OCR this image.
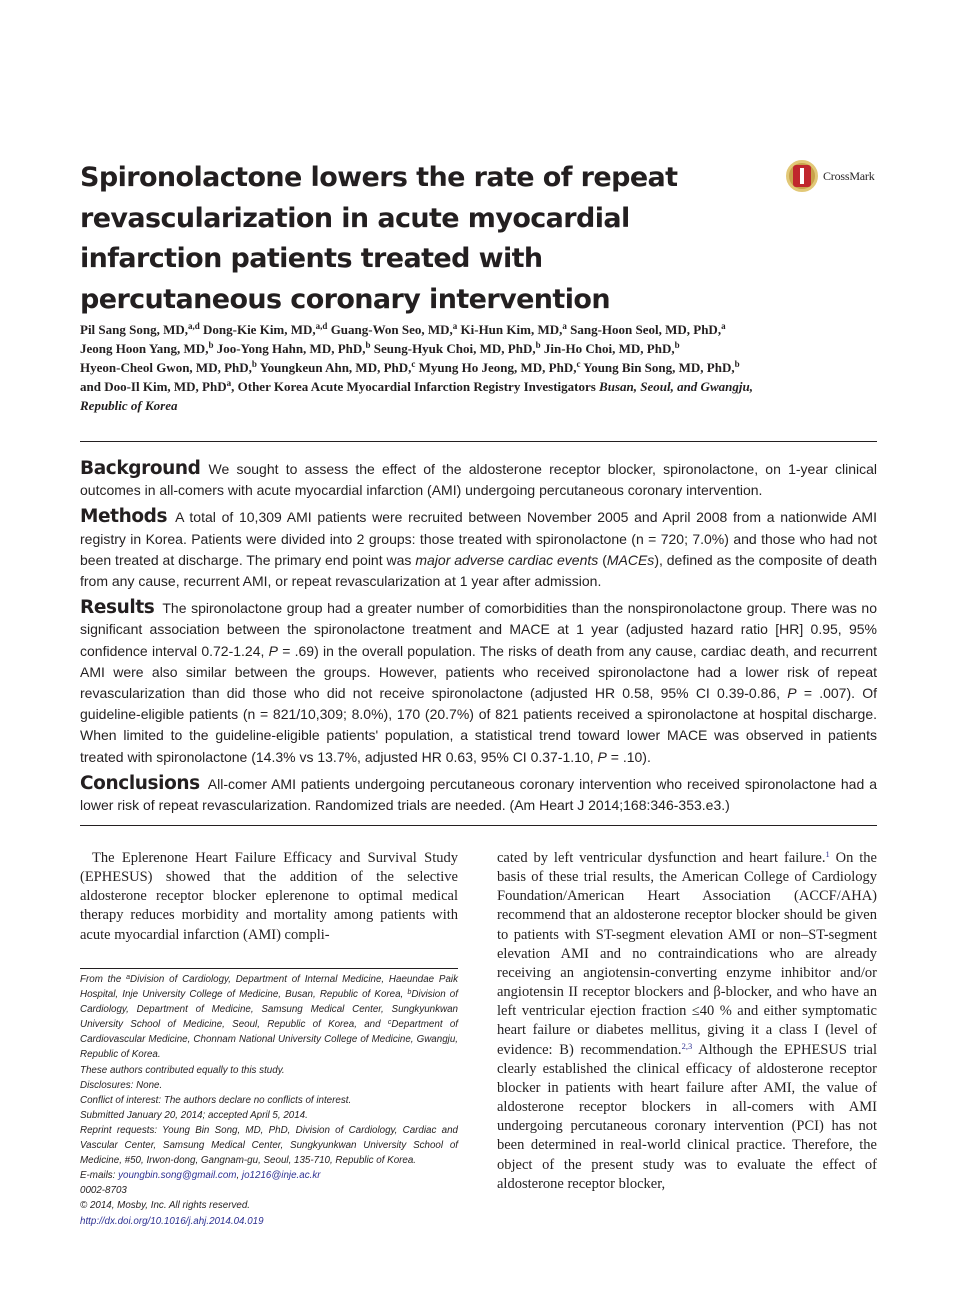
Spironolactone lowers the rate of repeat revascularization in acute myocardial infarction patients treated with percutaneous coronary intervention
CrossMark
Pil Sang Song, MD,$^{a,d}$ Dong-Kie Kim, MD,$^{a,d}$ Guang-Won Seo, MD,$^a$ Ki-Hun Kim, MD,$^a$ Sang-Hoon Seol, MD, PhD,$^a$
Jeong Hoon Yang, MD,$^b$ Joo-Yong Hahn, MD, PhD,$^b$ Seung-Hyuk Choi, MD, PhD,$^b$ Jin-Ho Choi, MD, PhD,$^b$
Hyeon-Cheol Gwon, MD, PhD,$^b$ Youngkeun Ahn, MD, PhD,$^c$ Myung Ho Jeong, MD, PhD,$^c$ Young Bin Song, MD, PhD,$^b$
and Doo-Il Kim, MD, PhD$^a$, Other Korea Acute Myocardial Infarction Registry Investigators Busan, Seoul, and Gwangju,
Republic of Korea

Background We sought to assess the effect of the aldosterone receptor blocker, spironolactone, on 1-year clinical outcomes in all-comers with acute myocardial infarction (AMI) undergoing percutaneous coronary intervention.

Methods A total of 10,309 AMI patients were recruited between November 2005 and April 2008 from a nationwide AMI registry in Korea. Patients were divided into 2 groups: those treated with spironolactone (n = 720; 7.0%) and those who had not been treated at discharge. The primary end point was major adverse cardiac events (MACEs), defined as the composite of death from any cause, recurrent AMI, or repeat revascularization at 1 year after admission.

Results The spironolactone group had a greater number of comorbidities than the nonspironolactone group. There was no significant association between the spironolactone treatment and MACE at 1 year (adjusted hazard ratio [HR] 0.95, 95% confidence interval 0.72-1.24, P = .69) in the overall population. The risks of death from any cause, cardiac death, and recurrent AMI were also similar between the groups. However, patients who received spironolactone had a lower risk of repeat revascularization than did those who did not receive spironolactone (adjusted HR 0.58, 95% CI 0.39-0.86, P = .007). Of guideline-eligible patients (n = 821/10,309; 8.0%), 170 (20.7%) of 821 patients received a spironolactone at hospital discharge. When limited to the guideline-eligible patients' population, a statistical trend toward lower MACE was observed in patients treated with spironolactone (14.3% vs 13.7%, adjusted HR 0.63, 95% CI 0.37-1.10, P = .10).

Conclusions All-comer AMI patients undergoing percutaneous coronary intervention who received spironolactone had a lower risk of repeat revascularization. Randomized trials are needed. (Am Heart J 2014;168:346-353.e3.)

The Eplerenone Heart Failure Efficacy and Survival Study (EPHESUS) showed that the addition of the selective aldosterone receptor blocker eplerenone to optimal medical therapy reduces morbidity and mortality among patients with acute myocardial infarction (AMI) compli-
cated by left ventricular dysfunction and heart failure.$^1$ On the basis of these trial results, the American College of Cardiology Foundation/American Heart Association (ACCF/AHA) recommend that an aldosterone receptor blocker should be given to patients with ST-segment elevation AMI or non–ST-segment elevation AMI and no contraindications who are already receiving an angiotensin-converting enzyme inhibitor and/or angiotensin II receptor blockers and β-blocker, and who have an left ventricular ejection fraction ≤40 % and either symptomatic heart failure or diabetes mellitus, giving it a class I (level of evidence: B) recommendation.$^{2,3}$ Although the EPHESUS trial clearly established the clinical efficacy of aldosterone receptor blocker in patients with heart failure after AMI, the value of aldosterone receptor blockers in all-comers with AMI undergoing percutaneous coronary intervention (PCI) has not been determined in real-world clinical practice. Therefore, the object of the present study was to evaluate the effect of aldosterone receptor blocker,

From the $^a$Division of Cardiology, Department of Internal Medicine, Haeundae Paik Hospital, Inje University College of Medicine, Busan, Republic of Korea, $^b$Division of Cardiology, Department of Medicine, Samsung Medical Center, Sungkyunkwan University School of Medicine, Seoul, Republic of Korea, and $^c$Department of Cardiovascular Medicine, Chonnam National University College of Medicine, Gwangju, Republic of Korea.

These authors contributed equally to this study.

Disclosures: None.

Conflict of interest: The authors declare no conflicts of interest.

Submitted January 20, 2014; accepted April 5, 2014.

Reprint requests: Young Bin Song, MD, PhD, Division of Cardiology, Cardiac and Vascular Center, Samsung Medical Center, Sungkyunkwan University School of Medicine, #50, Irwon-dong, Gangnam-gu, Seoul, 135-710, Republic of Korea.

E-mails: youngbin.song@gmail.com, jo1216@inje.ac.kr

0002-8703

© 2014, Mosby, Inc. All rights reserved.

http://dx.doi.org/10.1016/j.ahj.2014.04.019
